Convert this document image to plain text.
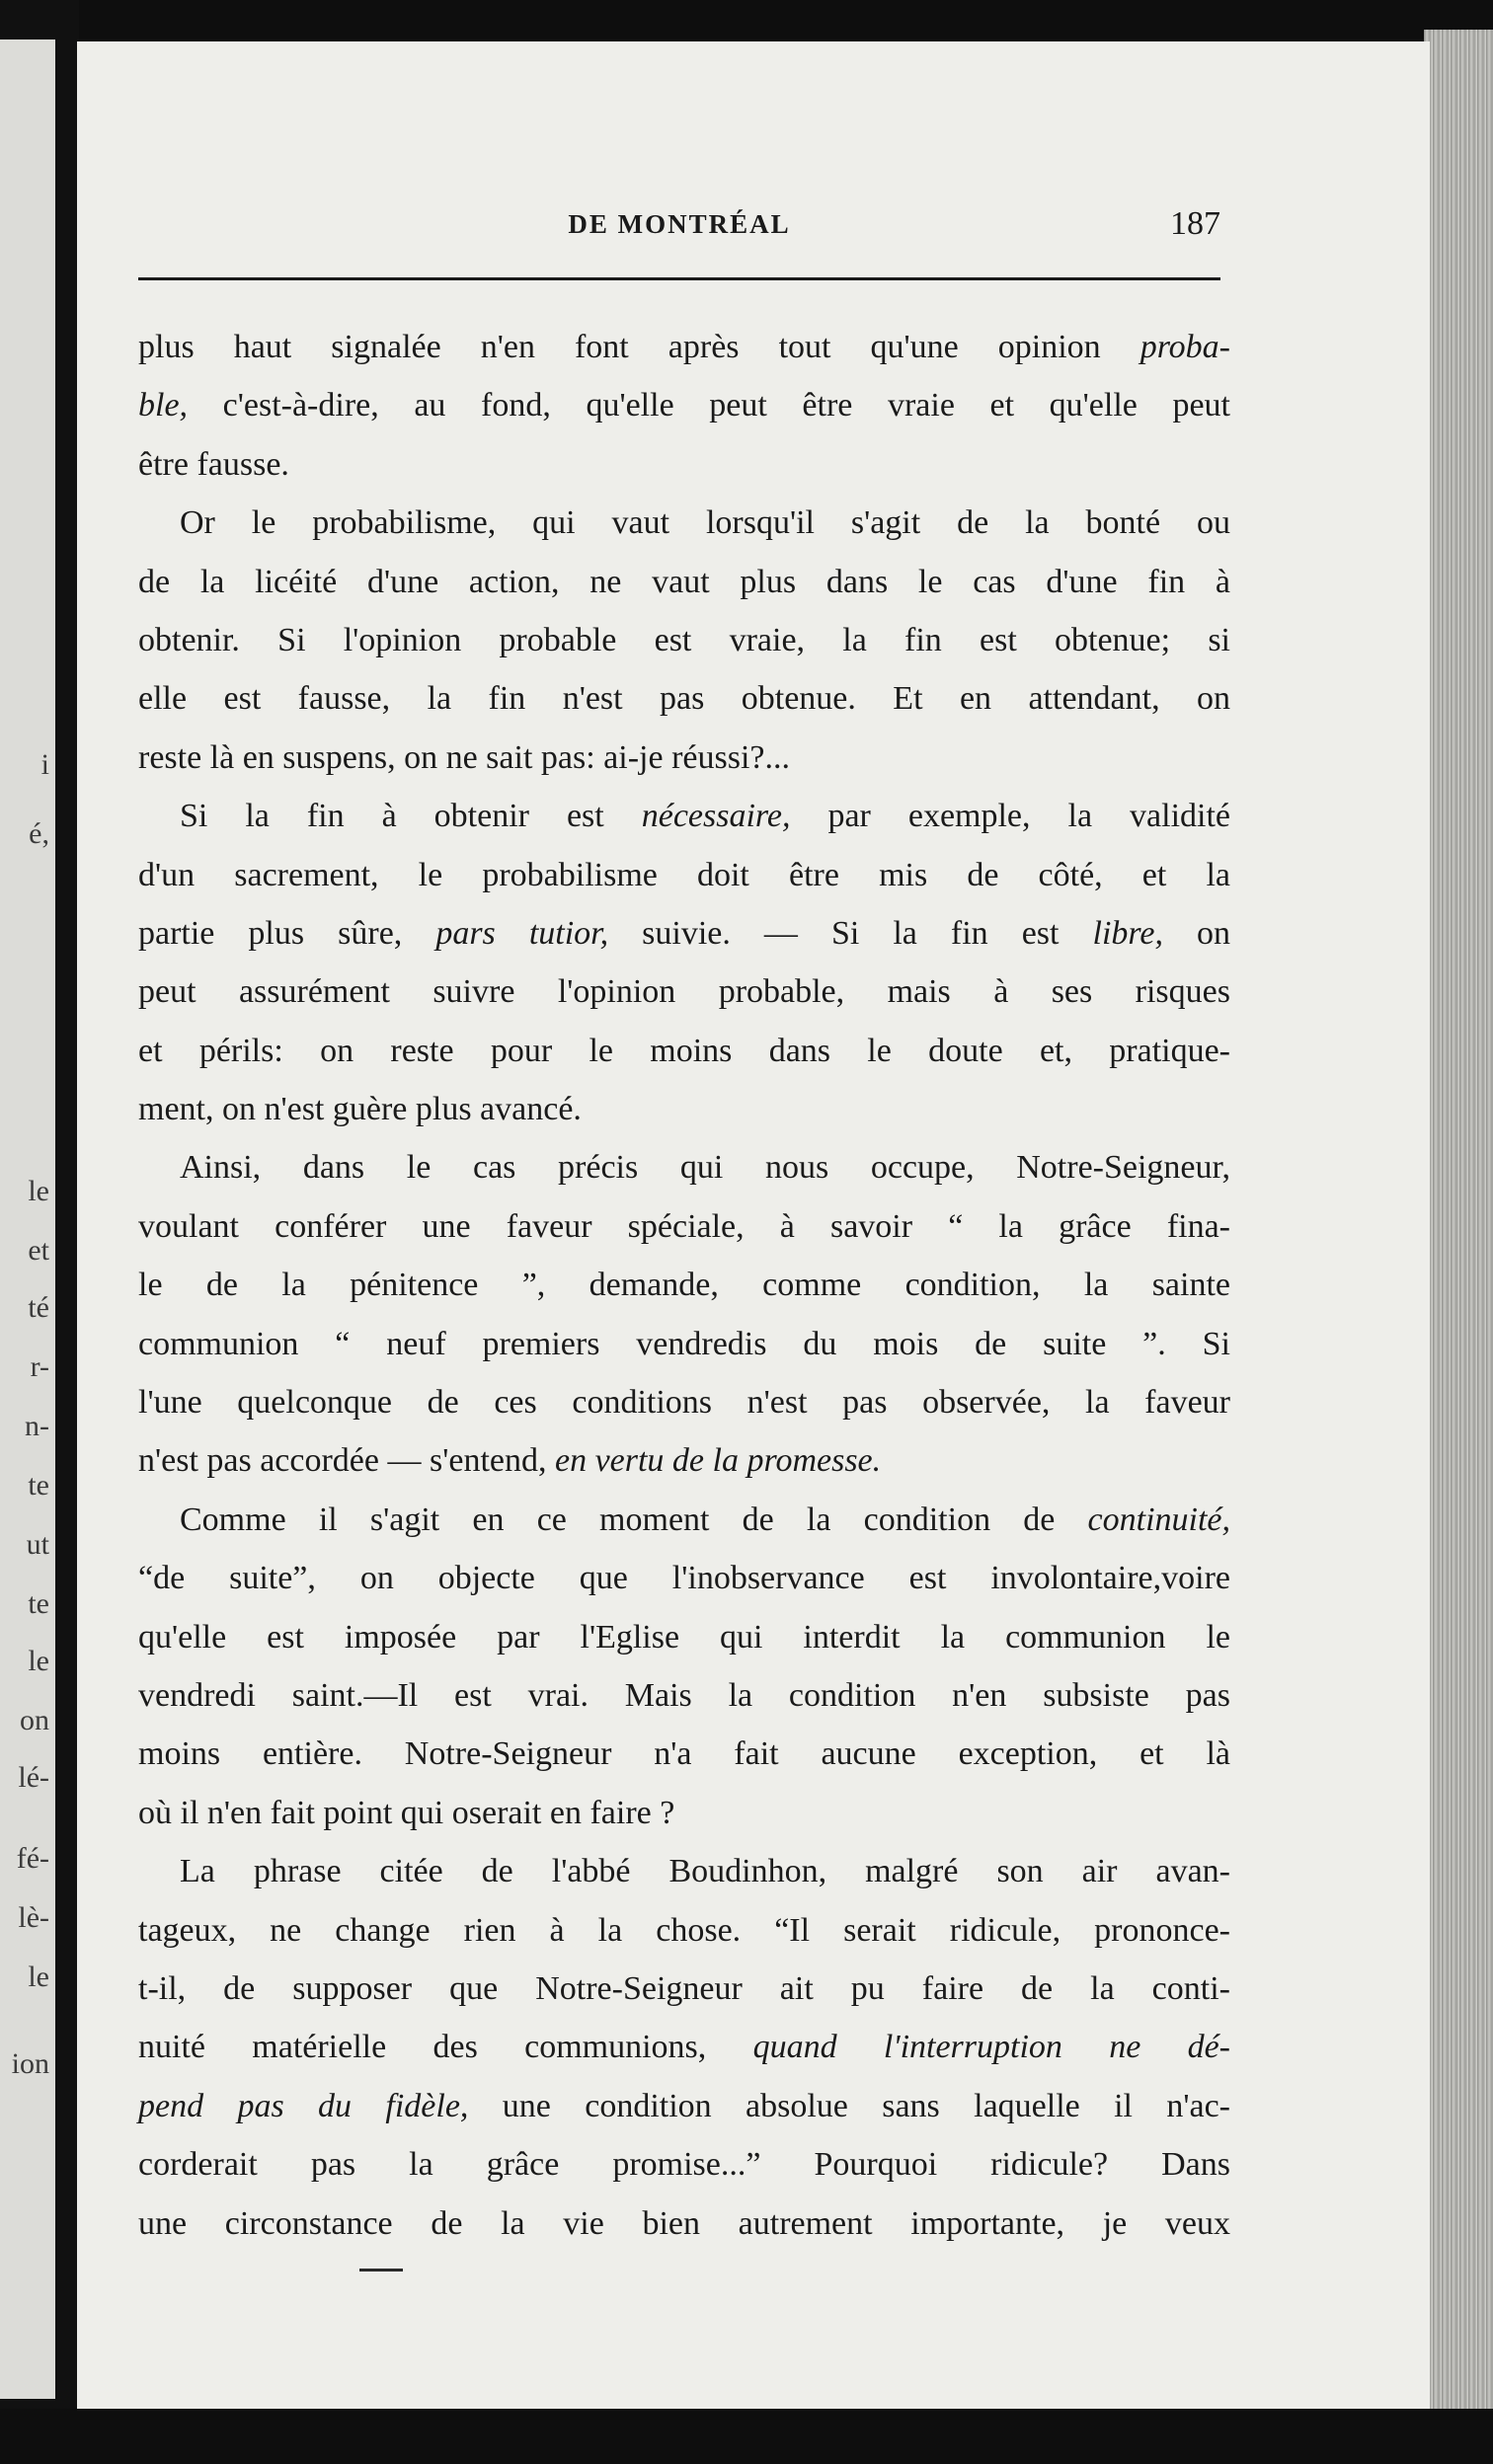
i
é,
le
et
té
r-
n-
te
ut
te
le
on
lé-
fé-
lè-
le
ion
DE MONTRÉAL	187
plus haut signalée n'en font après tout qu'une opinion proba-
ble, c'est-à-dire, au fond, qu'elle peut être vraie et qu'elle peut
être fausse.
Or le probabilisme, qui vaut lorsqu'il s'agit de la bonté ou
de la licéité d'une action, ne vaut plus dans le cas d'une fin à
obtenir. Si l'opinion probable est vraie, la fin est obtenue; si
elle est fausse, la fin n'est pas obtenue. Et en attendant, on
reste là en suspens, on ne sait pas: ai-je réussi?...
Si la fin à obtenir est nécessaire, par exemple, la validité
d'un sacrement, le probabilisme doit être mis de côté, et la
partie plus sûre, pars tutior, suivie. — Si la fin est libre, on
peut assurément suivre l'opinion probable, mais à ses risques
et périls: on reste pour le moins dans le doute et, pratique-
ment, on n'est guère plus avancé.
Ainsi, dans le cas précis qui nous occupe, Notre-Seigneur,
voulant conférer une faveur spéciale, à savoir “ la grâce fina-
le de la pénitence ”, demande, comme condition, la sainte
communion “ neuf premiers vendredis du mois de suite ”. Si
l'une quelconque de ces conditions n'est pas observée, la faveur
n'est pas accordée — s'entend, en vertu de la promesse.
Comme il s'agit en ce moment de la condition de continuité,
“de suite”, on objecte que l'inobservance est involontaire,voire
qu'elle est imposée par l'Eglise qui interdit la communion le
vendredi saint.—Il est vrai. Mais la condition n'en subsiste pas
moins entière. Notre-Seigneur n'a fait aucune exception, et là
où il n'en fait point qui oserait en faire ?
La phrase citée de l'abbé Boudinhon, malgré son air avan-
tageux, ne change rien à la chose. “Il serait ridicule, prononce-
t-il, de supposer que Notre-Seigneur ait pu faire de la conti-
nuité matérielle des communions, quand l'interruption ne dé-
pend pas du fidèle, une condition absolue sans laquelle il n'ac-
corderait pas la grâce promise...” Pourquoi ridicule? Dans
une circonstance de la vie bien autrement importante, je veux
